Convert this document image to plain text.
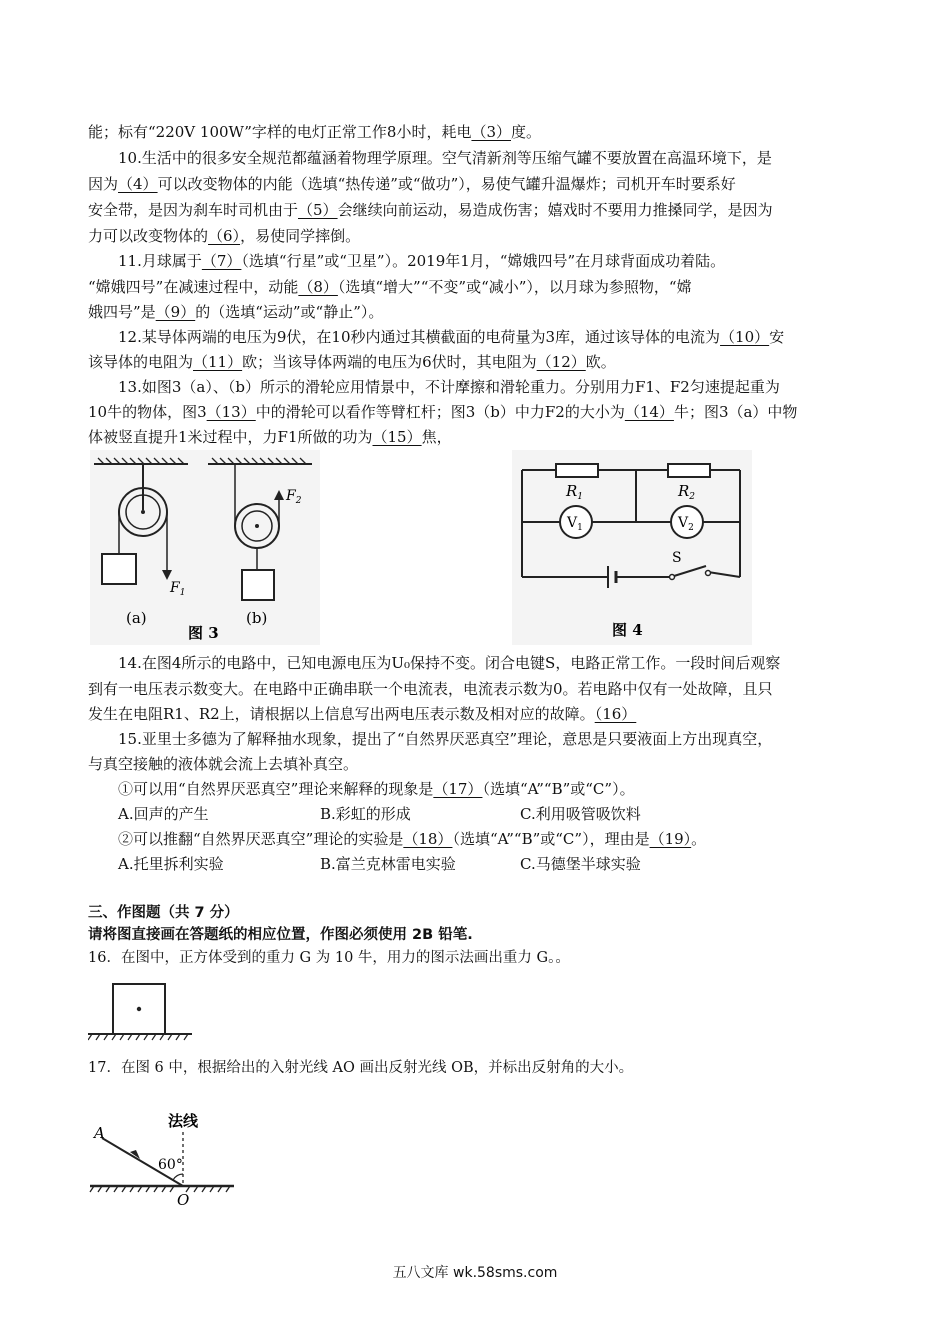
能；标有“220V 100W”字样的电灯正常工作8小时，耗电（3）度。
10.生活中的很多安全规范都蕴涵着物理学原理。空气清新剂等压缩气罐不要放置在高温环境下，是
因为（4）可以改变物体的内能（选填“热传递”或“做功”），易使气罐升温爆炸；司机开车时要系好
安全带，是因为刹车时司机由于（5）会继续向前运动，易造成伤害；嬉戏时不要用力推搡同学，是因为
力可以改变物体的（6），易使同学摔倒。
11.月球属于（7）（选填“行星”或“卫星”）。2019年1月，“嫦娥四号”在月球背面成功着陆。
“嫦娥四号”在减速过程中，动能（8）（选填“增大”“不变”或“减小”），以月球为参照物，“嫦
娥四号”是（9）的（选填“运动”或“静止”）。
12.某导体两端的电压为9伏，在10秒内通过其横截面的电荷量为3库，通过该导体的电流为（10）安
该导体的电阻为（11）欧；当该导体两端的电压为6伏时，其电阻为（12）欧。
13.如图3（a）、（b）所示的滑轮应用情景中，不计摩擦和滑轮重力。分别用力F1、F2匀速提起重为
10牛的物体，图3（13）中的滑轮可以看作等臂杠杆；图3（b）中力F2的大小为（14）牛；图3（a）中物
体被竖直提升1米过程中，力F1所做的功为（15）焦，
$F_1$
(a)
$F_2$
(b)
图 3
$R_1$	$R_2$
$V_1$	$V_2$
S
图 4
14.在图4所示的电路中，已知电源电压为U₀保持不变。闭合电键S，电路正常工作。一段时间后观察
到有一电压表示数变大。在电路中正确串联一个电流表，电流表示数为0。若电路中仅有一处故障，且只
发生在电阻R1、R2上，请根据以上信息写出两电压表示数及相对应的故障。（16）
15.亚里士多德为了解释抽水现象，提出了“自然界厌恶真空”理论，意思是只要液面上方出现真空，
与真空接触的液体就会流上去填补真空。
①可以用“自然界厌恶真空”理论来解释的现象是（17）（选填“A”“B”或“C”）。
A.回声的产生	B.彩虹的形成	C.利用吸管吸饮料
②可以推翻“自然界厌恶真空”理论的实验是（18）（选填“A”“B”或“C”），理由是（19）。
A.托里拆利实验	B.富兰克林雷电实验	C.马德堡半球实验
三、作图题（共 7 分）
请将图直接画在答题纸的相应位置，作图必须使用 2B 铅笔.
16．在图中，正方体受到的重力 G 为 10 牛，用力的图示法画出重力 G。。
17．在图 6 中，根据给出的入射光线 AO 画出反射光线 OB，并标出反射角的大小。
法线
A
60°
O
五八文库 wk.58sms.com
